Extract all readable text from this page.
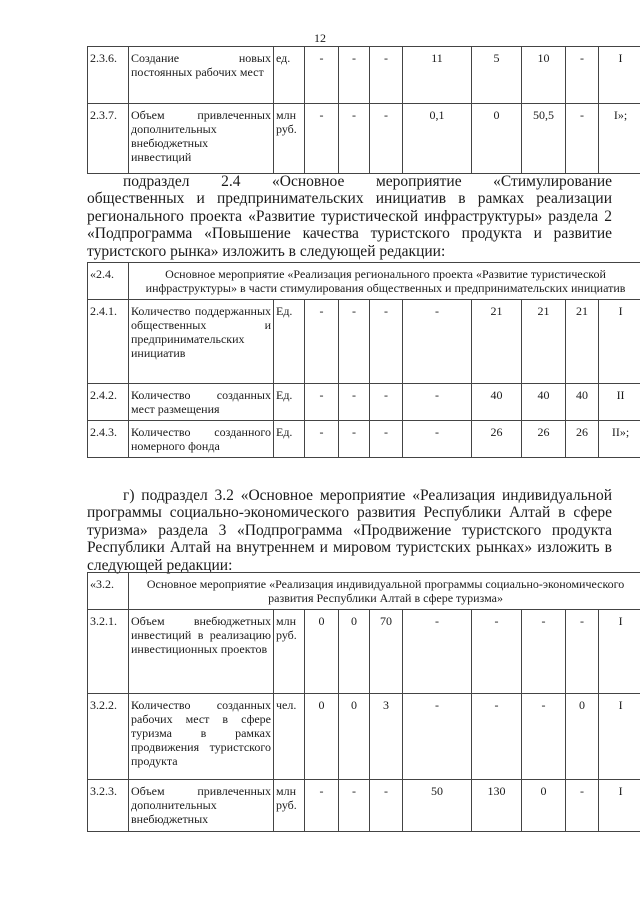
12
2.3.6.	Создание новых постоянных рабочих мест	ед.	-	-	-	11	5	10	-	I
2.3.7.	Объем привлеченных дополнительных внебюджетных инвестиций	млн руб.	-	-	-	0,1	0	50,5	-	I»;
подраздел 2.4 «Основное мероприятие «Стимулирование
общественных и предпринимательских инициатив в рамках реализации
регионального проекта «Развитие туристической инфраструктуры» раздела 2
«Подпрограмма «Повышение качества туристского продукта и развитие
туристского рынка» изложить в следующей редакции:
«2.4.	Основное мероприятие «Реализация регионального проекта «Развитие туристической инфраструктуры» в части стимулирования общественных и предпринимательских инициатив									
2.4.1.	Количество поддержанных общественных и предпринимательских инициатив	Ед.	-	-	-	-	21	21	21	I
2.4.2.	Количество созданных мест размещения	Ед.	-	-	-	-	40	40	40	II
2.4.3.	Количество созданного номерного фонда	Ед.	-	-	-	-	26	26	26	II»;
г) подраздел 3.2 «Основное мероприятие «Реализация индивидуальной
программы социально-экономического развития Республики Алтай в сфере
туризма» раздела 3 «Подпрограмма «Продвижение туристского продукта
Республики Алтай на внутреннем и мировом туристских рынках» изложить в
следующей редакции:
«3.2.	Основное мероприятие «Реализация индивидуальной программы социально-экономического развития Республики Алтай в сфере туризма»									
3.2.1.	Объем внебюджетных инвестиций в реализацию инвестиционных проектов	млн руб.	0	0	70	-	-	-	-	I
3.2.2.	Количество созданных рабочих мест в сфере туризма в рамках продвижения туристского продукта	чел.	0	0	3	-	-	-	0	I
3.2.3.	Объем привлеченных дополнительных внебюджетных	млн руб.	-	-	-	50	130	0	-	I
